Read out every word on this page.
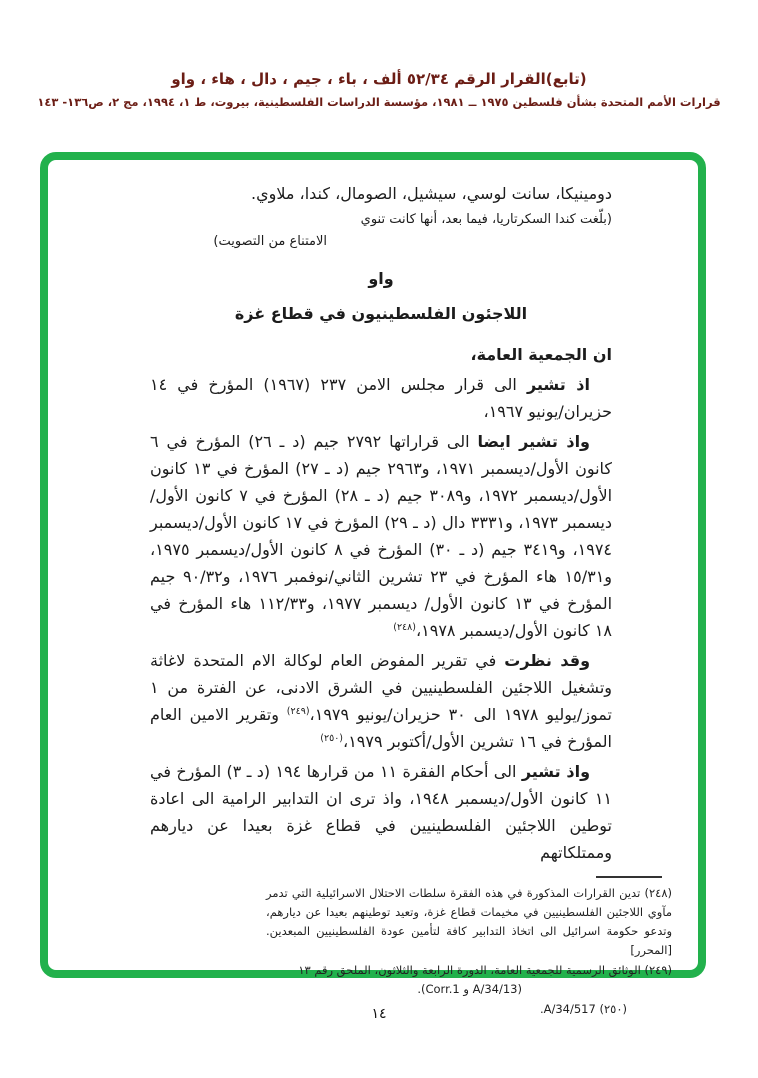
(تابع)القرار الرقم ٥٢/٣٤ ألف ، باء ، جيم ، دال ، هاء ، واو
قرارات الأمم المتحدة بشأن فلسطين ١٩٧٥ ــ ١٩٨١، مؤسسة الدراسات الفلسطينية، بيروت، ط ١، ١٩٩٤، مج ٢، ص١٣٦- ١٤٣
دومينيكا، سانت لوسي، سيشيل، الصومال، كندا، ملاوي.
(بلّغت كندا السكرتاريا، فيما بعد، أنها كانت تنوي
الامتناع من التصويت)
واو
اللاجئون الفلسطينيون في قطاع غزة
ان الجمعية العامة،
اذ تشير الى قرار مجلس الامن ٢٣٧ (١٩٦٧) المؤرخ في ١٤ حزيران/يونيو ١٩٦٧،
واذ تشير ايضا الى قراراتها ٢٧٩٢ جيم (د ـ ٢٦) المؤرخ في ٦ كانون الأول/ديسمبر ١٩٧١، و٢٩٦٣ جيم (د ـ ٢٧) المؤرخ في ١٣ كانون الأول/ديسمبر ١٩٧٢، و٣٠٨٩ جيم (د ـ ٢٨) المؤرخ في ٧ كانون الأول/ديسمبر ١٩٧٣، و٣٣٣١ دال (د ـ ٢٩) المؤرخ في ١٧ كانون الأول/ديسمبر ١٩٧٤، و٣٤١٩ جيم (د ـ ٣٠) المؤرخ في ٨ كانون الأول/ديسمبر ١٩٧٥، و١٥/٣١ هاء المؤرخ في ٢٣ تشرين الثاني/نوفمبر ١٩٧٦، و٩٠/٣٢ جيم المؤرخ في ١٣ كانون الأول/ ديسمبر ١٩٧٧، و١١٢/٣٣ هاء المؤرخ في ١٨ كانون الأول/ديسمبر ١٩٧٨،$^{(٢٤٨)}$
وقد نظرت في تقرير المفوض العام لوكالة الام المتحدة لاغاثة وتشغيل اللاجئين الفلسطينيين في الشرق الادنى، عن الفترة من ١ تموز/يوليو ١٩٧٨ الى ٣٠ حزيران/يونيو ١٩٧٩،$^{(٢٤٩)}$ وتقرير الامين العام المؤرخ في ١٦ تشرين الأول/أكتوبر ١٩٧٩،$^{(٢٥٠)}$
واذ تشير الى أحكام الفقرة ١١ من قرارها ١٩٤ (د ـ ٣) المؤرخ في ١١ كانون الأول/ديسمبر ١٩٤٨، واذ ترى ان التدابير الرامية الى اعادة توطين اللاجئين الفلسطينيين في قطاع غزة بعيدا عن ديارهم وممتلكاتهم
(٢٤٨) تدين القرارات المذكورة في هذه الفقرة سلطات الاحتلال الاسرائيلية التي تدمر مآوي اللاجئين الفلسطينيين في مخيمات قطاع غزة، وتعيد توطينهم بعيدا عن ديارهم، وتدعو حكومة اسرائيل الى اتخاذ التدابير كافة لتأمين عودة الفلسطينيين المبعدين. [المحرر]
(٢٤٩) الوثائق الرسمية للجمعية العامة، الدورة الرابعة والثلاثون، الملحق رقم ١٣
(A/34/13 و Corr.1).
(٢٥٠) A/34/517.
١٤
